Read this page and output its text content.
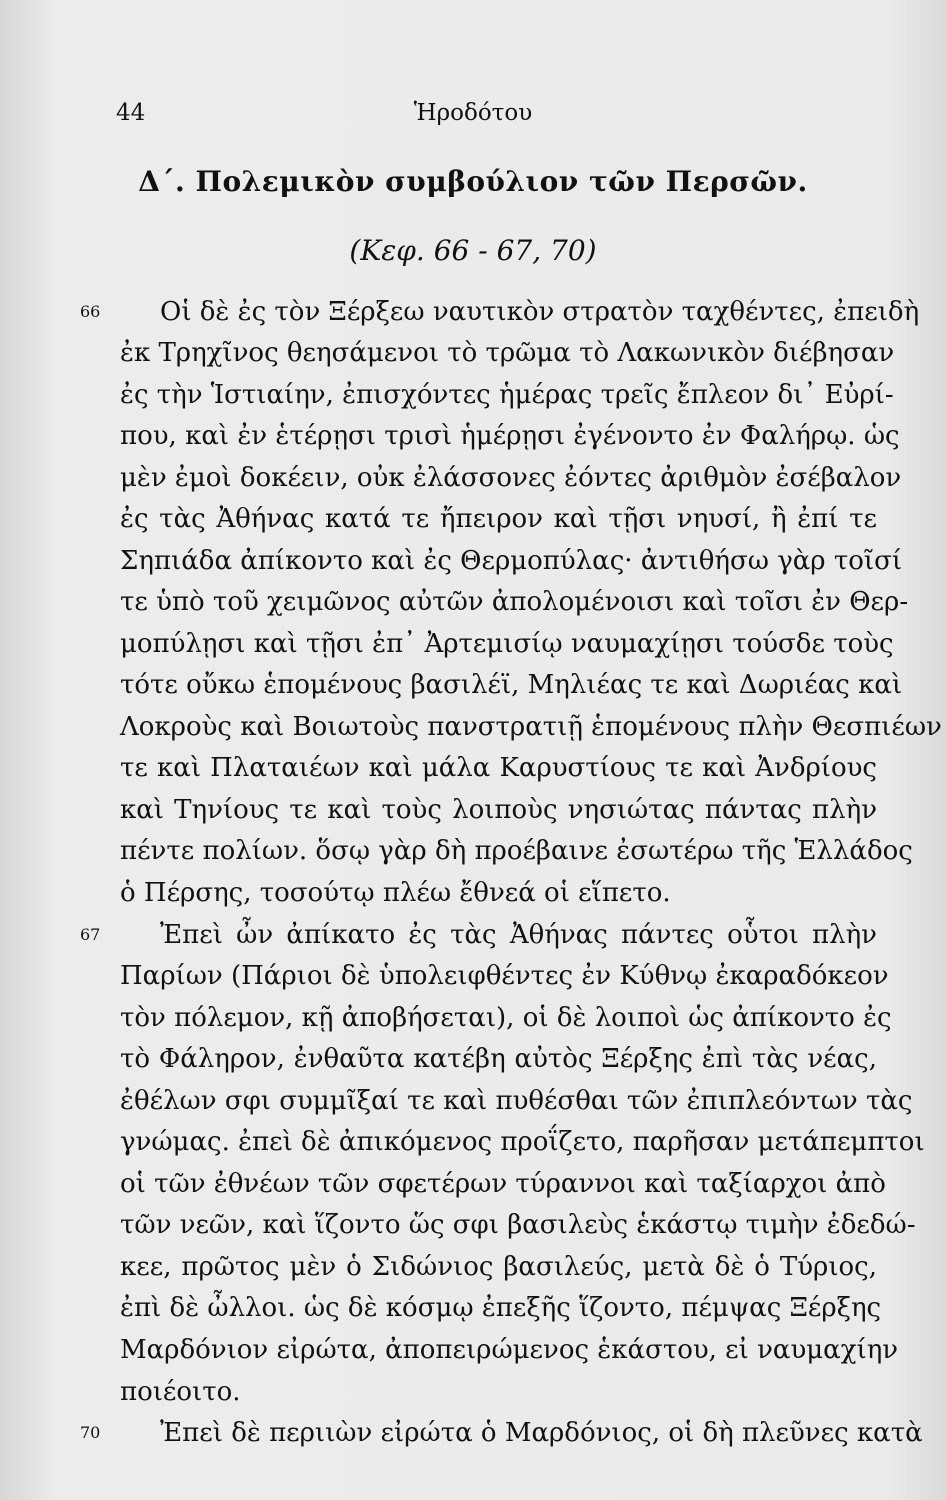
44	Ἡροδότου
Δ΄. Πολεμικὸν συμβούλιον τῶν Περσῶν.
(Κεφ. 66 - 67, 70)
66
67
70
Οἱ δὲ ἐς τὸν Ξέρξεω ναυτικὸν στρατὸν ταχθέντες, ἐπειδὴ
ἐκ Τρηχῖνος θεησάμενοι τὸ τρῶμα τὸ Λακωνικὸν διέβησαν
ἐς τὴν Ἱστιαίην, ἐπισχόντες ἡμέρας τρεῖς ἔπλεον δι᾽ Εὐρί-
που, καὶ ἐν ἑτέρῃσι τρισὶ ἡμέρῃσι ἐγένοντο ἐν Φαλήρῳ. ὡς
μὲν ἐμοὶ δοκέειν, οὐκ ἐλάσσονες ἐόντες ἀριθμὸν ἐσέβαλον
ἐς τὰς Ἀθήνας κατά τε ἤπειρον καὶ τῇσι νηυσί, ἢ ἐπί τε
Σηπιάδα ἀπίκοντο καὶ ἐς Θερμοπύλας· ἀντιθήσω γὰρ τοῖσί
τε ὑπὸ τοῦ χειμῶνος αὐτῶν ἀπολομένοισι καὶ τοῖσι ἐν Θερ-
μοπύλῃσι καὶ τῇσι ἐπ᾽ Ἀρτεμισίῳ ναυμαχίῃσι τούσδε τοὺς
τότε οὔκω ἑπομένους βασιλέϊ, Μηλιέας τε καὶ Δωριέας καὶ
Λοκροὺς καὶ Βοιωτοὺς πανστρατιῇ ἑπομένους πλὴν Θεσπιέων
τε καὶ Πλαταιέων καὶ μάλα Καρυστίους τε καὶ Ἀνδρίους
καὶ Τηνίους τε καὶ τοὺς λοιποὺς νησιώτας πάντας πλὴν
πέντε πολίων. ὅσῳ γὰρ δὴ προέβαινε ἐσωτέρω τῆς Ἑλλάδος
ὁ Πέρσης, τοσούτῳ πλέω ἔθνεά οἱ εἵπετο.
Ἐπεὶ ὦν ἀπίκατο ἐς τὰς Ἀθήνας πάντες οὗτοι πλὴν
Παρίων (Πάριοι δὲ ὑπολειφθέντες ἐν Κύθνῳ ἐκαραδόκεον
τὸν πόλεμον, κῇ ἀποβήσεται), οἱ δὲ λοιποὶ ὡς ἀπίκοντο ἐς
τὸ Φάληρον, ἐνθαῦτα κατέβη αὐτὸς Ξέρξης ἐπὶ τὰς νέας,
ἐθέλων σφι συμμῖξαί τε καὶ πυθέσθαι τῶν ἐπιπλεόντων τὰς
γνώμας. ἐπεὶ δὲ ἀπικόμενος προΐζετο, παρῆσαν μετάπεμπτοι
οἱ τῶν ἐθνέων τῶν σφετέρων τύραννοι καὶ ταξίαρχοι ἀπὸ
τῶν νεῶν, καὶ ἵζοντο ὥς σφι βασιλεὺς ἑκάστῳ τιμὴν ἐδεδώ-
κεε, πρῶτος μὲν ὁ Σιδώνιος βασιλεύς, μετὰ δὲ ὁ Τύριος,
ἐπὶ δὲ ὦλλοι. ὡς δὲ κόσμῳ ἐπεξῆς ἵζοντο, πέμψας Ξέρξης
Μαρδόνιον εἰρώτα, ἀποπειρώμενος ἑκάστου, εἰ ναυμαχίην
ποιέοιτο.
Ἐπεὶ δὲ περιιὼν εἰρώτα ὁ Μαρδόνιος, οἱ δὴ πλεῦνες κατὰ
